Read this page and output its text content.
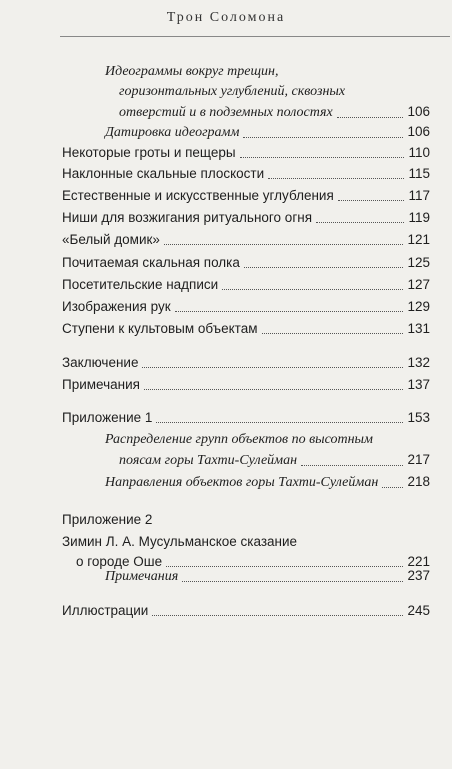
Трон Соломона
Идеограммы вокруг трещин,
горизонтальных углублений, сквозных
отверстий и в подземных полостях	106
Датировка идеограмм	106
Некоторые гроты и пещеры	110
Наклонные скальные плоскости	115
Естественные и искусственные углубления	117
Ниши для возжигания ритуального огня	119
«Белый домик»	121
Почитаемая скальная полка	125
Посетительские надписи	127
Изображения рук	129
Ступени к культовым объектам	131
Заключение	132
Примечания	137
Приложение 1	153
Распределение групп объектов по высотным
поясам горы Тахти-Сулейман	217
Направления объектов горы Тахти-Сулейман 218
Приложение 2
Зимин Л. А. Мусульманское сказание
о городе Оше	221
Примечания	237
Иллюстрации	245
